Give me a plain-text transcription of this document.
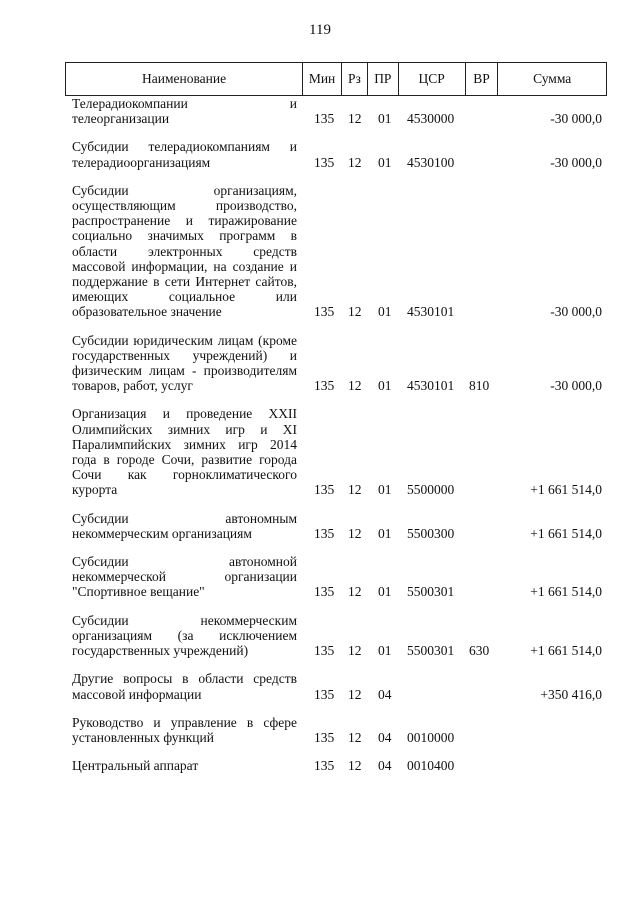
119
Наименование	Мин Рз ПР	ЦСР	ВР	Сумма
Телерадиокомпании и телеорганизации	135 12 01 4530000	-30 000,0
Субсидии телерадиокомпаниям и телерадиоорганизациям	135 12 01 4530100	-30 000,0
Субсидии организациям, осуществляющим производство, распространение и тиражирование социально значимых программ в области электронных средств массовой информации, на создание и поддержание в сети Интернет сайтов, имеющих социальное или образовательное значение	135 12 01 4530101	-30 000,0
Субсидии юридическим лицам (кроме государственных учреждений) и физическим лицам - производителям товаров, работ, услуг	135 12 01 4530101 810	-30 000,0
Организация и проведение XXII Олимпийских зимних игр и XI Паралимпийских зимних игр 2014 года в городе Сочи, развитие города Сочи как горноклиматического курорта	135 12 01 5500000	+1 661 514,0
Субсидии автономным некоммерческим организациям	135 12 01 5500300	+1 661 514,0
Субсидии автономной некоммерческой организации "Спортивное вещание"	135 12 01 5500301	+1 661 514,0
Субсидии некоммерческим организациям (за исключением государственных учреждений)	135 12 01 5500301 630	+1 661 514,0
Другие вопросы в области средств массовой информации	135 12 04	+350 416,0
Руководство и управление в сфере установленных функций	135 12 04 0010000
Центральный аппарат	135 12 04 0010400
